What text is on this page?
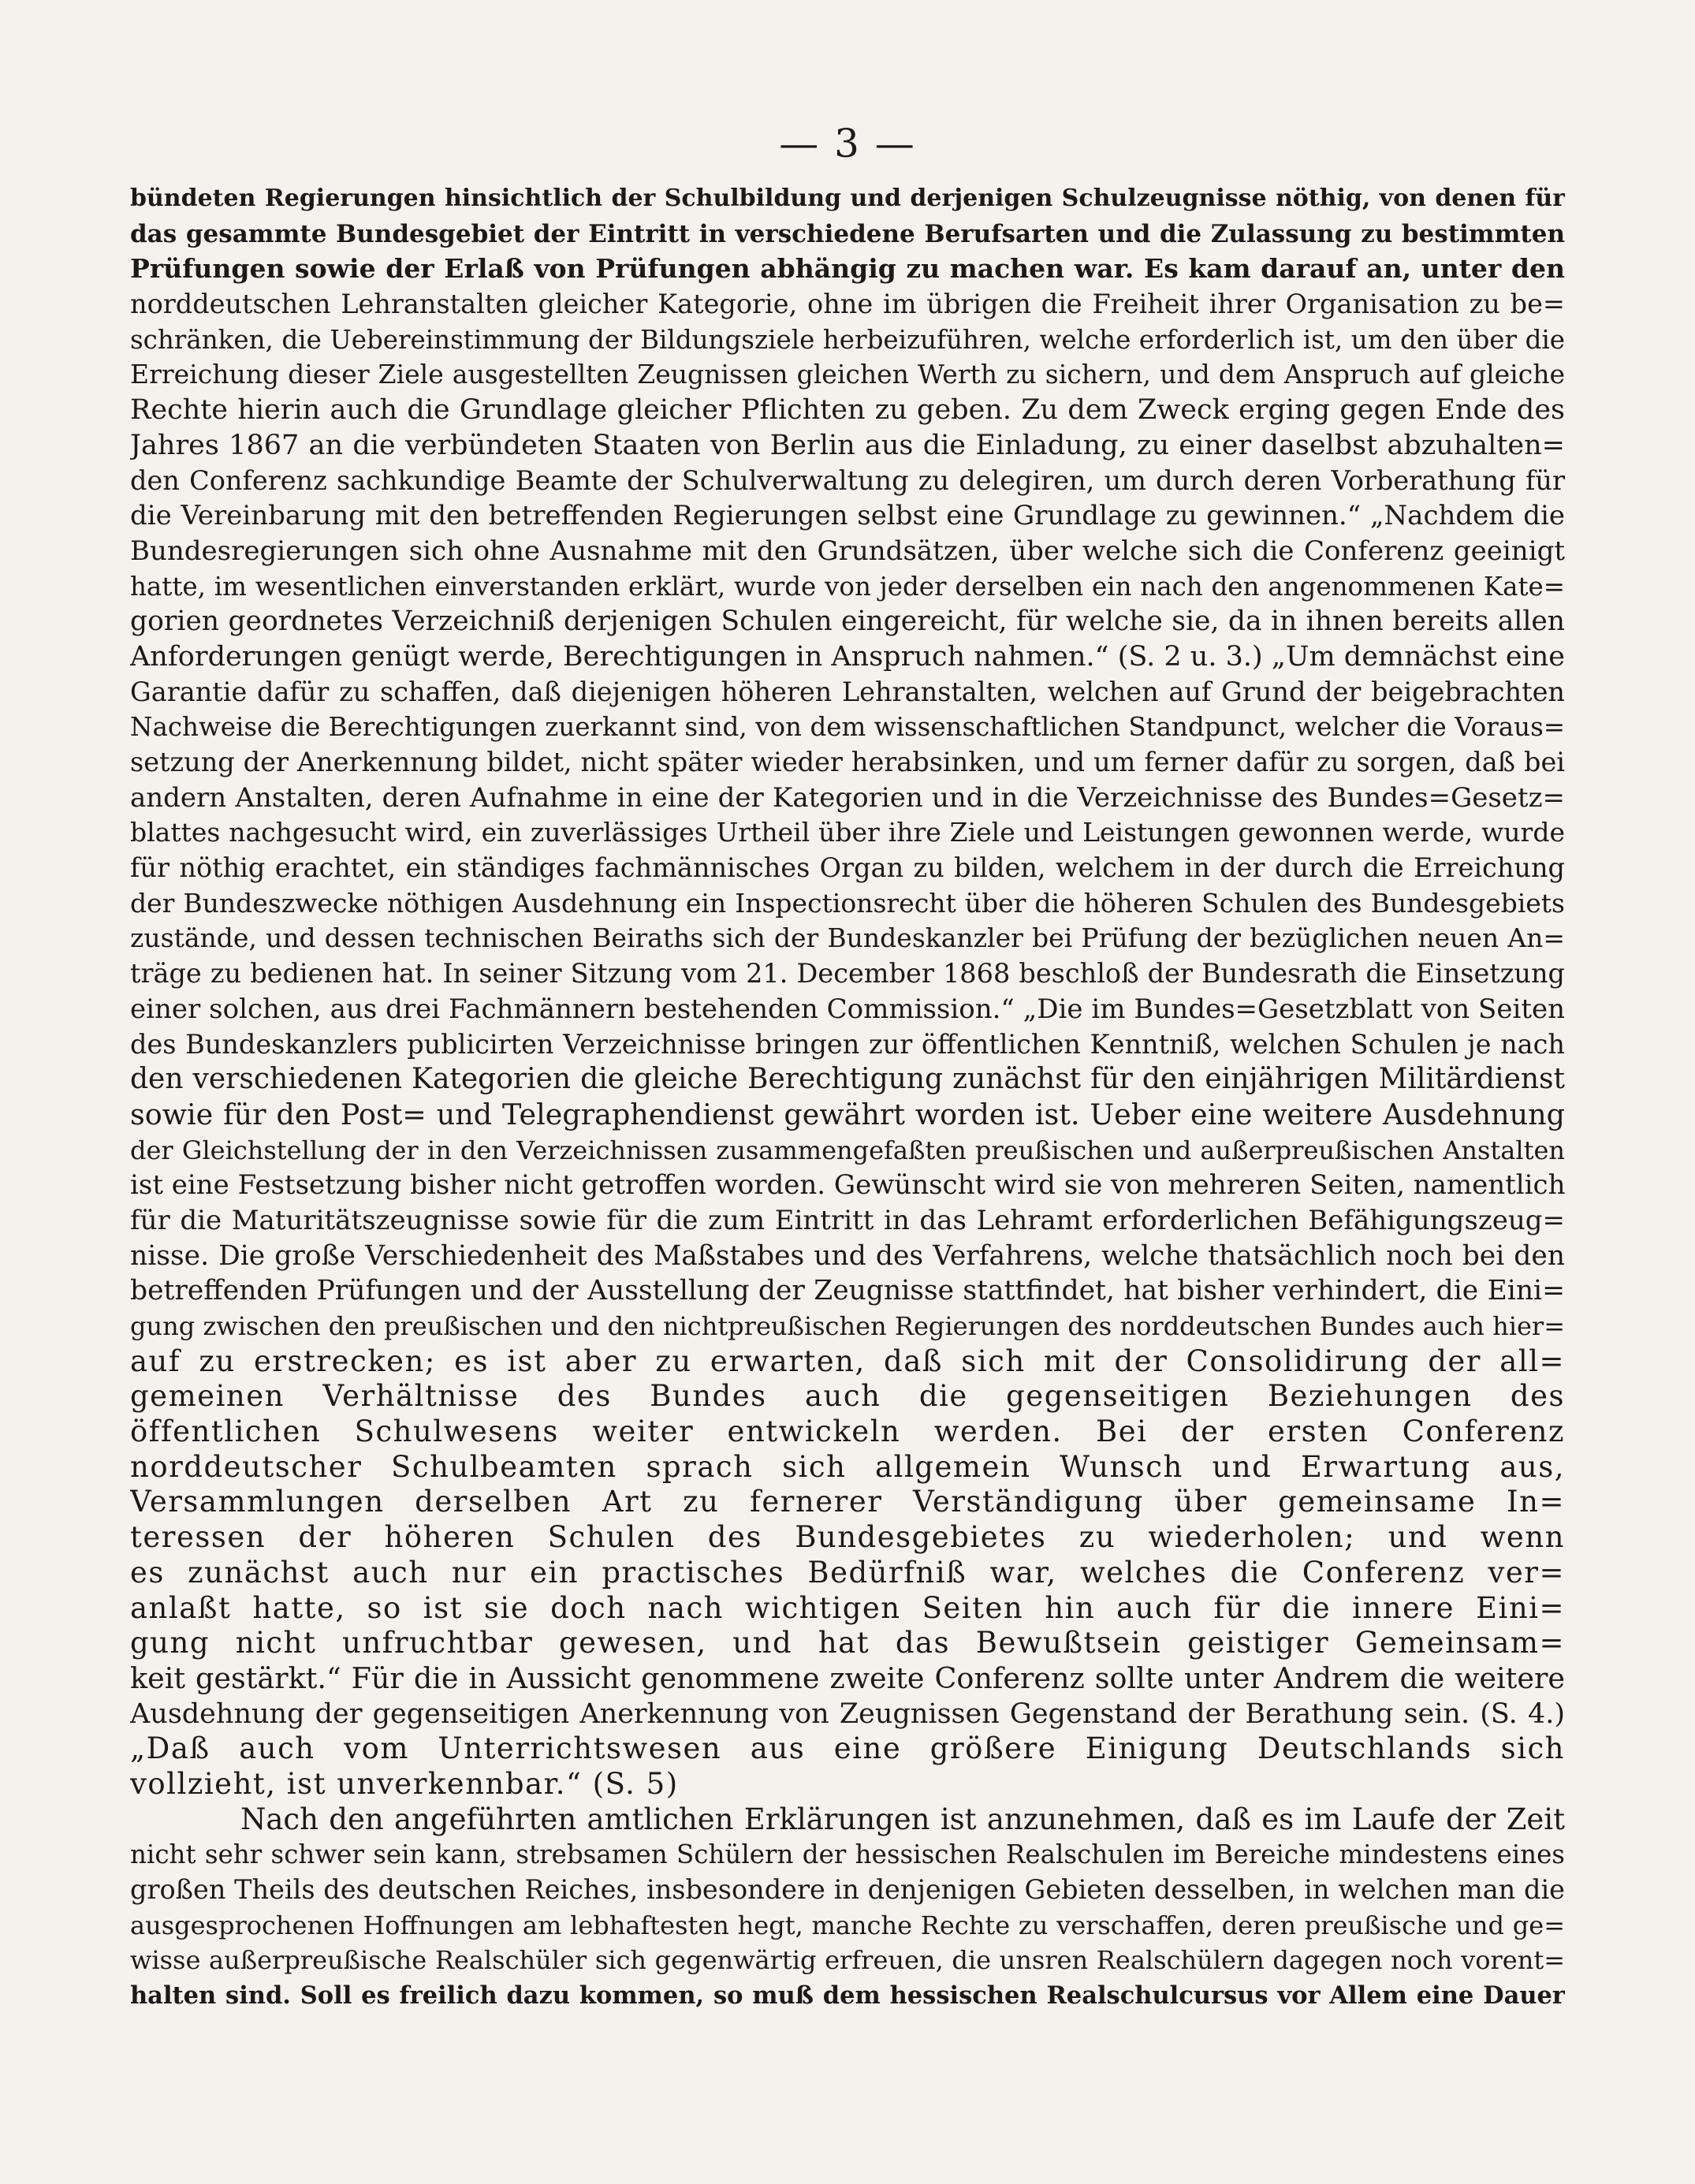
— 3 —
bündeten Regierungen hinsichtlich der Schulbildung und derjenigen Schulzeugnisse nöthig, von denen für
das gesammte Bundesgebiet der Eintritt in verschiedene Berufsarten und die Zulassung zu bestimmten
Prüfungen sowie der Erlaß von Prüfungen abhängig zu machen war. Es kam darauf an, unter den
norddeutschen Lehranstalten gleicher Kategorie, ohne im übrigen die Freiheit ihrer Organisation zu be=
schränken, die Uebereinstimmung der Bildungsziele herbeizuführen, welche erforderlich ist, um den über die
Erreichung dieser Ziele ausgestellten Zeugnissen gleichen Werth zu sichern, und dem Anspruch auf gleiche
Rechte hierin auch die Grundlage gleicher Pflichten zu geben. Zu dem Zweck erging gegen Ende des
Jahres 1867 an die verbündeten Staaten von Berlin aus die Einladung, zu einer daselbst abzuhalten=
den Conferenz sachkundige Beamte der Schulverwaltung zu delegiren, um durch deren Vorberathung für
die Vereinbarung mit den betreffenden Regierungen selbst eine Grundlage zu gewinnen.“ „Nachdem die
Bundesregierungen sich ohne Ausnahme mit den Grundsätzen, über welche sich die Conferenz geeinigt
hatte, im wesentlichen einverstanden erklärt, wurde von jeder derselben ein nach den angenommenen Kate=
gorien geordnetes Verzeichniß derjenigen Schulen eingereicht, für welche sie, da in ihnen bereits allen
Anforderungen genügt werde, Berechtigungen in Anspruch nahmen.“ (S. 2 u. 3.) „Um demnächst eine
Garantie dafür zu schaffen, daß diejenigen höheren Lehranstalten, welchen auf Grund der beigebrachten
Nachweise die Berechtigungen zuerkannt sind, von dem wissenschaftlichen Standpunct, welcher die Voraus=
setzung der Anerkennung bildet, nicht später wieder herabsinken, und um ferner dafür zu sorgen, daß bei
andern Anstalten, deren Aufnahme in eine der Kategorien und in die Verzeichnisse des Bundes=Gesetz=
blattes nachgesucht wird, ein zuverlässiges Urtheil über ihre Ziele und Leistungen gewonnen werde, wurde
für nöthig erachtet, ein ständiges fachmännisches Organ zu bilden, welchem in der durch die Erreichung
der Bundeszwecke nöthigen Ausdehnung ein Inspectionsrecht über die höheren Schulen des Bundesgebiets
zustände, und dessen technischen Beiraths sich der Bundeskanzler bei Prüfung der bezüglichen neuen An=
träge zu bedienen hat. In seiner Sitzung vom 21. December 1868 beschloß der Bundesrath die Einsetzung
einer solchen, aus drei Fachmännern bestehenden Commission.“ „Die im Bundes=Gesetzblatt von Seiten
des Bundeskanzlers publicirten Verzeichnisse bringen zur öffentlichen Kenntniß, welchen Schulen je nach
den verschiedenen Kategorien die gleiche Berechtigung zunächst für den einjährigen Militärdienst
sowie für den Post= und Telegraphendienst gewährt worden ist. Ueber eine weitere Ausdehnung
der Gleichstellung der in den Verzeichnissen zusammengefaßten preußischen und außerpreußischen Anstalten
ist eine Festsetzung bisher nicht getroffen worden. Gewünscht wird sie von mehreren Seiten, namentlich
für die Maturitätszeugnisse sowie für die zum Eintritt in das Lehramt erforderlichen Befähigungszeug=
nisse. Die große Verschiedenheit des Maßstabes und des Verfahrens, welche thatsächlich noch bei den
betreffenden Prüfungen und der Ausstellung der Zeugnisse stattfindet, hat bisher verhindert, die Eini=
gung zwischen den preußischen und den nichtpreußischen Regierungen des norddeutschen Bundes auch hier=
auf zu erstrecken; es ist aber zu erwarten, daß sich mit der Consolidirung der all=
gemeinen Verhältnisse des Bundes auch die gegenseitigen Beziehungen des
öffentlichen Schulwesens weiter entwickeln werden. Bei der ersten Conferenz
norddeutscher Schulbeamten sprach sich allgemein Wunsch und Erwartung aus,
Versammlungen derselben Art zu fernerer Verständigung über gemeinsame In=
teressen der höheren Schulen des Bundesgebietes zu wiederholen; und wenn
es zunächst auch nur ein practisches Bedürfniß war, welches die Conferenz ver=
anlaßt hatte, so ist sie doch nach wichtigen Seiten hin auch für die innere Eini=
gung nicht unfruchtbar gewesen, und hat das Bewußtsein geistiger Gemeinsam=
keit gestärkt.“ Für die in Aussicht genommene zweite Conferenz sollte unter Andrem die weitere
Ausdehnung der gegenseitigen Anerkennung von Zeugnissen Gegenstand der Berathung sein. (S. 4.)
„Daß auch vom Unterrichtswesen aus eine größere Einigung Deutschlands sich
vollzieht, ist unverkennbar.“ (S. 5)
Nach den angeführten amtlichen Erklärungen ist anzunehmen, daß es im Laufe der Zeit
nicht sehr schwer sein kann, strebsamen Schülern der hessischen Realschulen im Bereiche mindestens eines
großen Theils des deutschen Reiches, insbesondere in denjenigen Gebieten desselben, in welchen man die
ausgesprochenen Hoffnungen am lebhaftesten hegt, manche Rechte zu verschaffen, deren preußische und ge=
wisse außerpreußische Realschüler sich gegenwärtig erfreuen, die unsren Realschülern dagegen noch vorent=
halten sind. Soll es freilich dazu kommen, so muß dem hessischen Realschulcursus vor Allem eine Dauer
